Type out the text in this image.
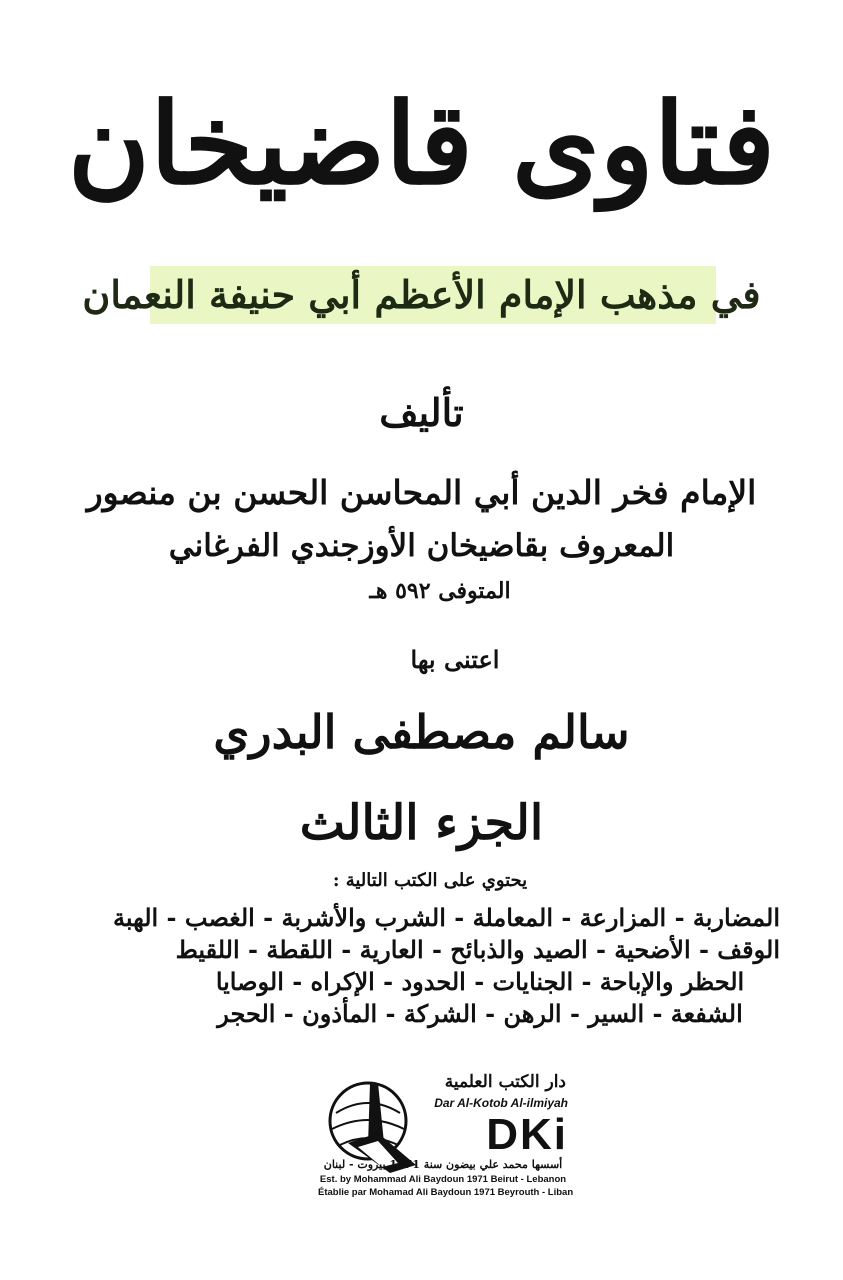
فتاوى قاضيخان
في مذهب الإمام الأعظم أبي حنيفة النعمان
تأليف
الإمام فخر الدين أبي المحاسن الحسن بن منصور
المعروف بقاضيخان الأوزجندي الفرغاني
المتوفى ٥٩٢ هـ
اعتنى بها
سالم مصطفى البدري
الجزء الثالث
يحتوي على الكتب التالية :
المضاربة - المزارعة - المعاملة - الشرب والأشربة - الغصب - الهبة
الوقف - الأضحية - الصيد والذبائح - العارية - اللقطة - اللقيط
الحظر والإباحة - الجنايات - الحدود - الإكراه - الوصايا
الشفعة - السير - الرهن - الشركة - المأذون - الحجر
دار الكتب العلمية
Dar Al-Kotob Al-ilmiyah
DKi
أسسها محمد علي بيضون سنة 1971 بيروت - لبنان
Est. by Mohammad Ali Baydoun 1971 Beirut - Lebanon
Établie par Mohamad Ali Baydoun 1971 Beyrouth - Liban
